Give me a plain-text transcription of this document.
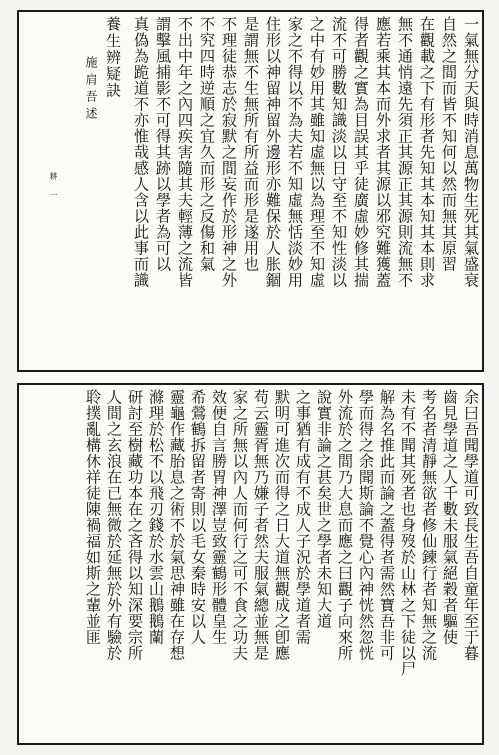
一氣無分天與時消息萬物生死其氣盛衰
自然之間而皆不知何以然而無其原習
在觀載之下有形者先知其本知其本則求
無不通悄遠先須正其源正其源則流無不
應若乘其本而外求者其源以邪究難獲蓋
得者觀之實為目誤其乎徒廣虛妙修其揣
流不可勝數知識淡以日守至不知性淡以
之中有妙用其雖知虛無以為理至不知虛
家之不得以不為夫若不知虛無恬淡妙用
住形以神留神留外邊形亦難保於人胀錮
是謂無不生無所有所益而形是遂用也
不理徒恭志於寂默之間妄作於形神之外
不究四時逆順之宜久而形之反傷和氣
不出中年之內四疾害隨其夫輕薄之流皆
謂擊風捕影不可得其跡以學者為可以
真偽為跪道不亦惟哉感人含以此事而識
養生辨疑訣
施肩吾述
耕 一
余曰吾聞學道可致長生吾自童年至于暮
齒見學道之人千數未服氣絕穀者驅使
考名者清靜無欲者修仙鍊行者知無之流
未有不聞其死者也身歿於山林之下徒以尸
解為名推此而論之蓋得者需然寶吾非可
學而得之余聞斯論不覺心內神恍然忽恍
外流於之間乃大息而應之曰觀子向來所
說實非論之甚矣世之學者未知大道
之事猶有成有不成人子況於學道者需
默明可進次而得之日大道無觀成之卽應
苟云靈胥無乃嫌子者然夫服氣總並無是
家之所無以內人而何行之可不食之功夫
效便自言勝胃神澤豈致靈鶴形體皇生
希鶯鶴拆留者寄則以毛女秦時安以人
靈龜作藏胎息之術不於氣思神雖在存想
滌理於松不以飛刃錢於水雲山鵝鵝蘭
研討至樹藏功本在之吝得以知深要宗所
人間之玄浪在已無微於延無於外有驗於
聆撲亂構休祥徒陳禍福如斯之輩並匪
